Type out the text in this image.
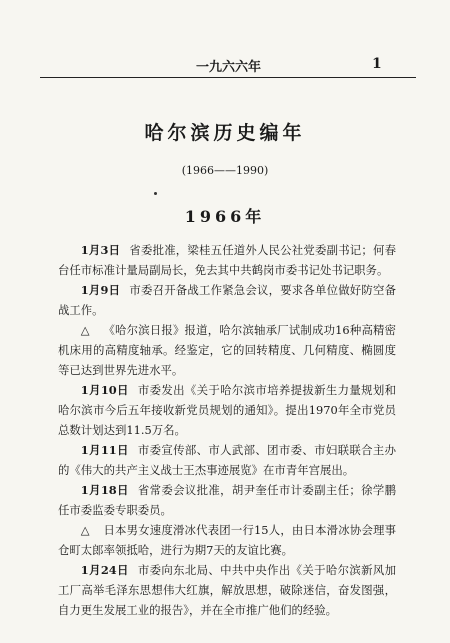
一九六六年	1
哈尔滨历史编年
(1966——1990)
1966年

1月3日 省委批准，梁桂五任道外人民公社党委副书记；何春台任市标准计量局副局长，免去其中共鹤岗市委书记处书记职务。

1月9日 市委召开备战工作紧急会议，要求各单位做好防空备战工作。

△ 《哈尔滨日报》报道，哈尔滨轴承厂试制成功16种高精密机床用的高精度轴承。经鉴定，它的回转精度、几何精度、椭圆度等已达到世界先进水平。

1月10日 市委发出《关于哈尔滨市培养提拔新生力量规划和哈尔滨市今后五年接收新党员规划的通知》。提出1970年全市党员总数计划达到11.5万名。

1月11日 市委宣传部、市人武部、团市委、市妇联联合主办的《伟大的共产主义战士王杰事迹展览》在市青年宫展出。

1月18日 省常委会议批准，胡尹奎任市计委副主任；徐学鹏任市委监委专职委员。

△ 日本男女速度滑冰代表团一行15人，由日本滑冰协会理事仓町太郎率领抵哈，进行为期7天的友谊比赛。

1月24日 市委向东北局、中共中央作出《关于哈尔滨新风加工厂高举毛泽东思想伟大红旗，解放思想，破除迷信，奋发图强，自力更生发展工业的报告》，并在全市推广他们的经验。
